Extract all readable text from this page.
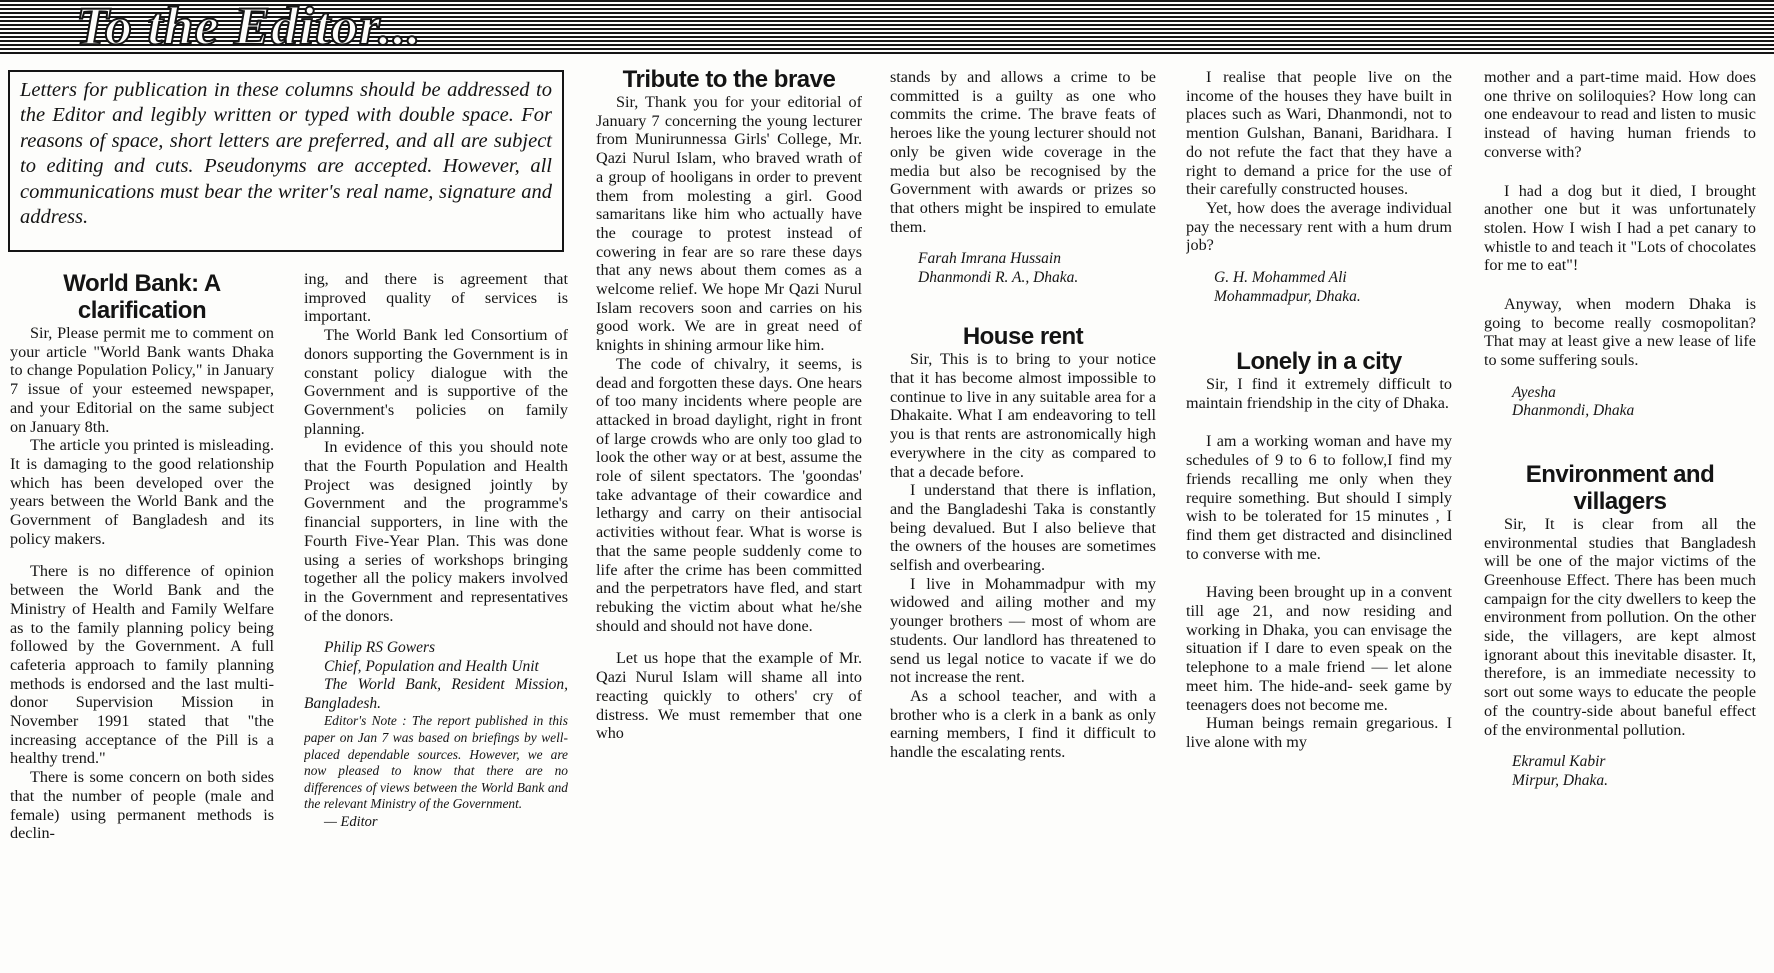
To the Editor...

Letters for publication in these columns should be addressed to the Editor and legibly written or typed with double space. For reasons of space, short letters are preferred, and all are subject to editing and cuts. Pseudonyms are accepted. However, all communications must bear the writer's real name, signature and address.

World Bank: A clarification

Sir, Please permit me to comment on your article "World Bank wants Dhaka to change Population Policy," in January 7 issue of your esteemed newspaper, and your Editorial on the same subject on January 8th.

The article you printed is misleading. It is damaging to the good relationship which has been developed over the years between the World Bank and the Government of Bangladesh and its policy makers.

There is no difference of opinion between the World Bank and the Ministry of Health and Family Welfare as to the family planning policy being followed by the Government. A full cafeteria approach to family planning methods is endorsed and the last multi-donor Supervision Mission in November 1991 stated that "the increasing acceptance of the Pill is a healthy trend."

There is some concern on both sides that the number of people (male and female) using permanent methods is declin-

ing, and there is agreement that improved quality of services is important.

The World Bank led Consortium of donors supporting the Government is in constant policy dialogue with the Government and is supportive of the Government's policies on family planning.

In evidence of this you should note that the Fourth Population and Health Project was designed jointly by Government and the programme's financial supporters, in line with the Fourth Five-Year Plan. This was done using a series of workshops bringing together all the policy makers involved in the Government and representatives of the donors.

Philip RS Gowers

Chief, Population and Health Unit

The World Bank, Resident Mission, Bangladesh.

Editor's Note : The report published in this paper on Jan 7 was based on briefings by well-placed dependable sources. However, we are now pleased to know that there are no differences of views between the World Bank and the relevant Ministry of the Government.

— Editor

Tribute to the brave

Sir, Thank you for your editorial of January 7 concerning the young lecturer from Munirunnessa Girls' College, Mr. Qazi Nurul Islam, who braved wrath of a group of hooligans in order to prevent them from molesting a girl. Good samaritans like him who actually have the courage to protest instead of cowering in fear are so rare these days that any news about them comes as a welcome relief. We hope Mr Qazi Nurul Islam recovers soon and carries on his good work. We are in great need of knights in shining armour like him.

The code of chivalry, it seems, is dead and forgotten these days. One hears of too many incidents where people are attacked in broad daylight, right in front of large crowds who are only too glad to look the other way or at best, assume the role of silent spectators. The 'goondas' take advantage of their cowardice and lethargy and carry on their antisocial activities without fear. What is worse is that the same people suddenly come to life after the crime has been committed and the perpetrators have fled, and start rebuking the victim about what he/she should and should not have done.

Let us hope that the example of Mr. Qazi Nurul Islam will shame all into reacting quickly to others' cry of distress. We must remember that one who

stands by and allows a crime to be committed is a guilty as one who commits the crime. The brave feats of heroes like the young lecturer should not only be given wide coverage in the media but also be recognised by the Government with awards or prizes so that others might be inspired to emulate them.

Farah Imrana Hussain

Dhanmondi R. A., Dhaka.

House rent

Sir, This is to bring to your notice that it has become almost impossible to continue to live in any suitable area for a Dhakaite. What I am endeavoring to tell you is that rents are astronomically high everywhere in the city as compared to that a decade before.

I understand that there is inflation, and the Bangladeshi Taka is constantly being devalued. But I also believe that the owners of the houses are sometimes selfish and overbearing.

I live in Mohammadpur with my widowed and ailing mother and my younger brothers — most of whom are students. Our landlord has threatened to send us legal notice to vacate if we do not increase the rent.

As a school teacher, and with a brother who is a clerk in a bank as only earning members, I find it difficult to handle the escalating rents.

I realise that people live on the income of the houses they have built in places such as Wari, Dhanmondi, not to mention Gulshan, Banani, Baridhara. I do not refute the fact that they have a right to demand a price for the use of their carefully constructed houses.

Yet, how does the average individual pay the necessary rent with a hum drum job?

G. H. Mohammed Ali

Mohammadpur, Dhaka.

Lonely in a city

Sir, I find it extremely difficult to maintain friendship in the city of Dhaka.

I am a working woman and have my schedules of 9 to 6 to follow,I find my friends recalling me only when they require something. But should I simply wish to be tolerated for 15 minutes , I find them get distracted and disinclined to converse with me.

Having been brought up in a convent till age 21, and now residing and working in Dhaka, you can envisage the situation if I dare to even speak on the telephone to a male friend — let alone meet him. The hide-and- seek game by teenagers does not become me.

Human beings remain gregarious. I live alone with my

mother and a part-time maid. How does one thrive on soliloquies? How long can one endeavour to read and listen to music instead of having human friends to converse with?

I had a dog but it died, I brought another one but it was unfortunately stolen. How I wish I had a pet canary to whistle to and teach it "Lots of chocolates for me to eat"!

Anyway, when modern Dhaka is going to become really cosmopolitan? That may at least give a new lease of life to some suffering souls.

Ayesha

Dhanmondi, Dhaka

Environment and villagers

Sir, It is clear from all the environmental studies that Bangladesh will be one of the major victims of the Greenhouse Effect. There has been much campaign for the city dwellers to keep the environment from pollution. On the other side, the villagers, are kept almost ignorant about this inevitable disaster. It, therefore, is an immediate necessity to sort out some ways to educate the people of the country-side about baneful effect of the environmental pollution.

Ekramul Kabir

Mirpur, Dhaka.
